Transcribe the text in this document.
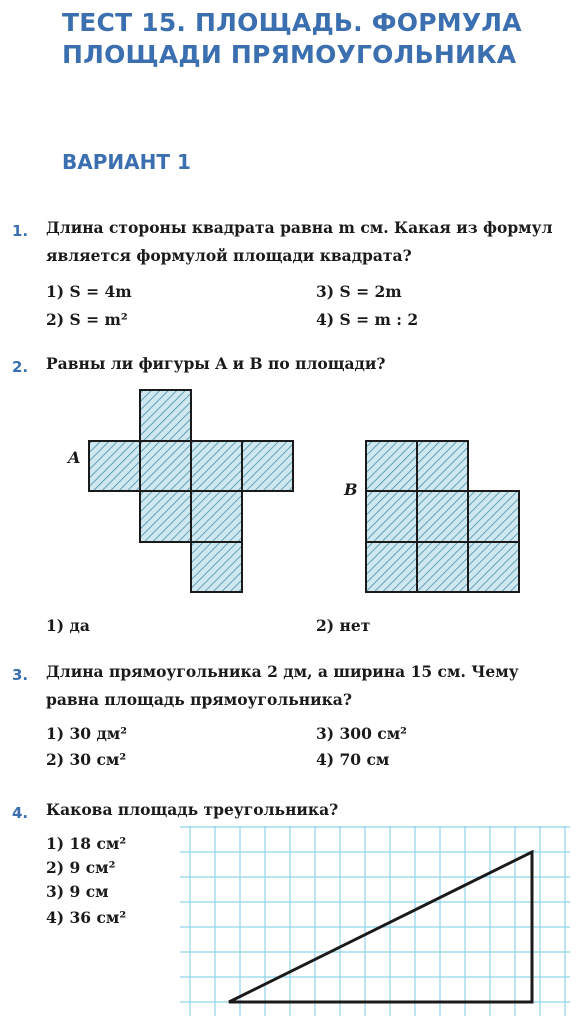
ТЕСТ 15. ПЛОЩАДЬ. ФОРМУЛА
ПЛОЩАДИ ПРЯМОУГОЛЬНИКА
ВАРИАНТ 1
1. Длина стороны квадрата равна m см. Какая из формул
является формулой площади квадрата?
1) S = 4m
2) S = m²
3) S = 2m
4) S = m : 2
2. Равны ли фигуры A и B по площади?
A
B
1) да	2) нет
3. Длина прямоугольника 2 дм, а ширина 15 см. Чему
равна площадь прямоугольника?
1) 30 дм²
2) 30 см²
3) 300 см²
4) 70 см
4. Какова площадь треугольника?
1) 18 см²
2) 9 см²
3) 9 см
4) 36 см²
